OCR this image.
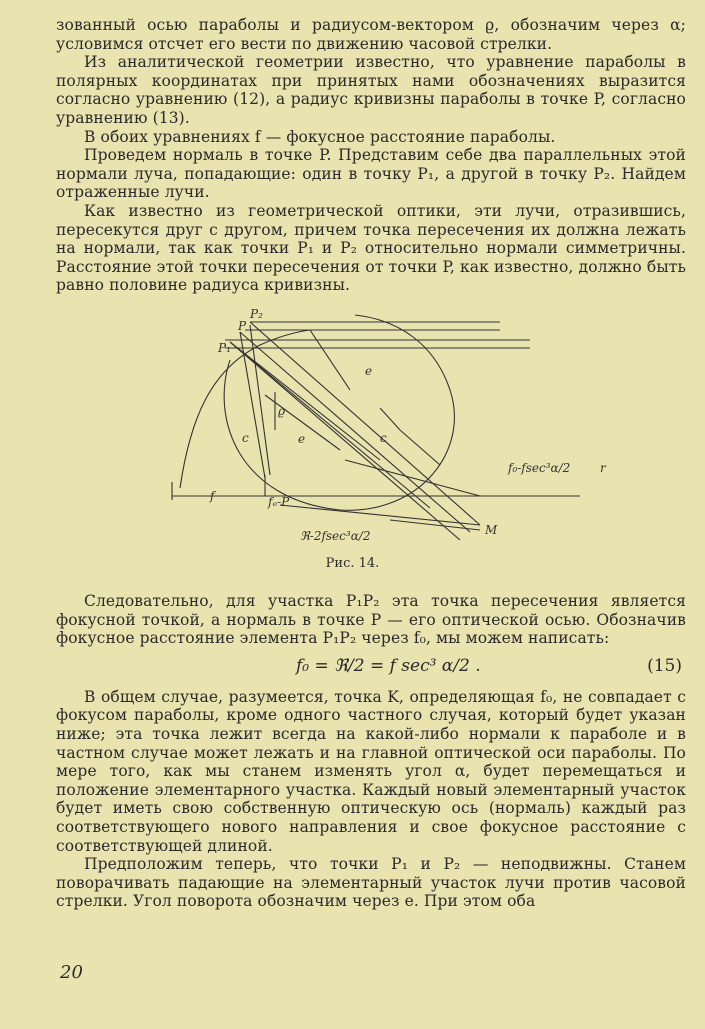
зованный осью параболы и радиусом-вектором ϱ, обозначим через α; условимся отсчет его вести по движению часовой стрелки.

Из аналитической геометрии известно, что уравнение параболы в полярных координатах при принятых нами обозначениях выразится согласно уравнению (12), а радиус кривизны параболы в точке P, согласно уравнению (13).

В обоих уравнениях f — фокусное расстояние параболы.

Проведем нормаль в точке P. Представим себе два параллельных этой нормали луча, попадающие: один в точку P₁, а другой в точку P₂. Найдем отраженные лучи.

Как известно из геометрической оптики, эти лучи, отразившись, пересекутся друг с другом, причем точка пересечения их должна лежать на нормали, так как точки P₁ и P₂ относительно нормали симметричны. Расстояние этой точки пересечения от точки P, как известно, должно быть равно половине радиуса кривизны.

P₂
P
P₁
e
ϱ
e
c	c
f	fₑ-P
f₀-fsec³α/2
ℜ-2fsec³α/2	M
r
Рис. 14.

Следовательно, для участка P₁P₂ эта точка пересечения является фокусной точкой, а нормаль в точке P — его оптической осью. Обозначив фокусное расстояние элемента P₁P₂ через f₀, мы можем написать:

f₀ = ℜ/2 = f sec³ α/2 .	(15)

В общем случае, разумеется, точка K, определяющая f₀, не совпадает с фокусом параболы, кроме одного частного случая, который будет указан ниже; эта точка лежит всегда на какой-либо нормали к параболе и в частном случае может лежать и на главной оптической оси параболы. По мере того, как мы станем изменять угол α, будет перемещаться и положение элементарного участка. Каждый новый элементарный участок будет иметь свою собственную оптическую ось (нормаль) каждый раз соответствующего нового направления и свое фокусное расстояние с соответствующей длиной.

Предположим теперь, что точки P₁ и P₂ — неподвижны. Станем поворачивать падающие на элементарный участок лучи против часовой стрелки. Угол поворота обозначим через e. При этом оба

20
